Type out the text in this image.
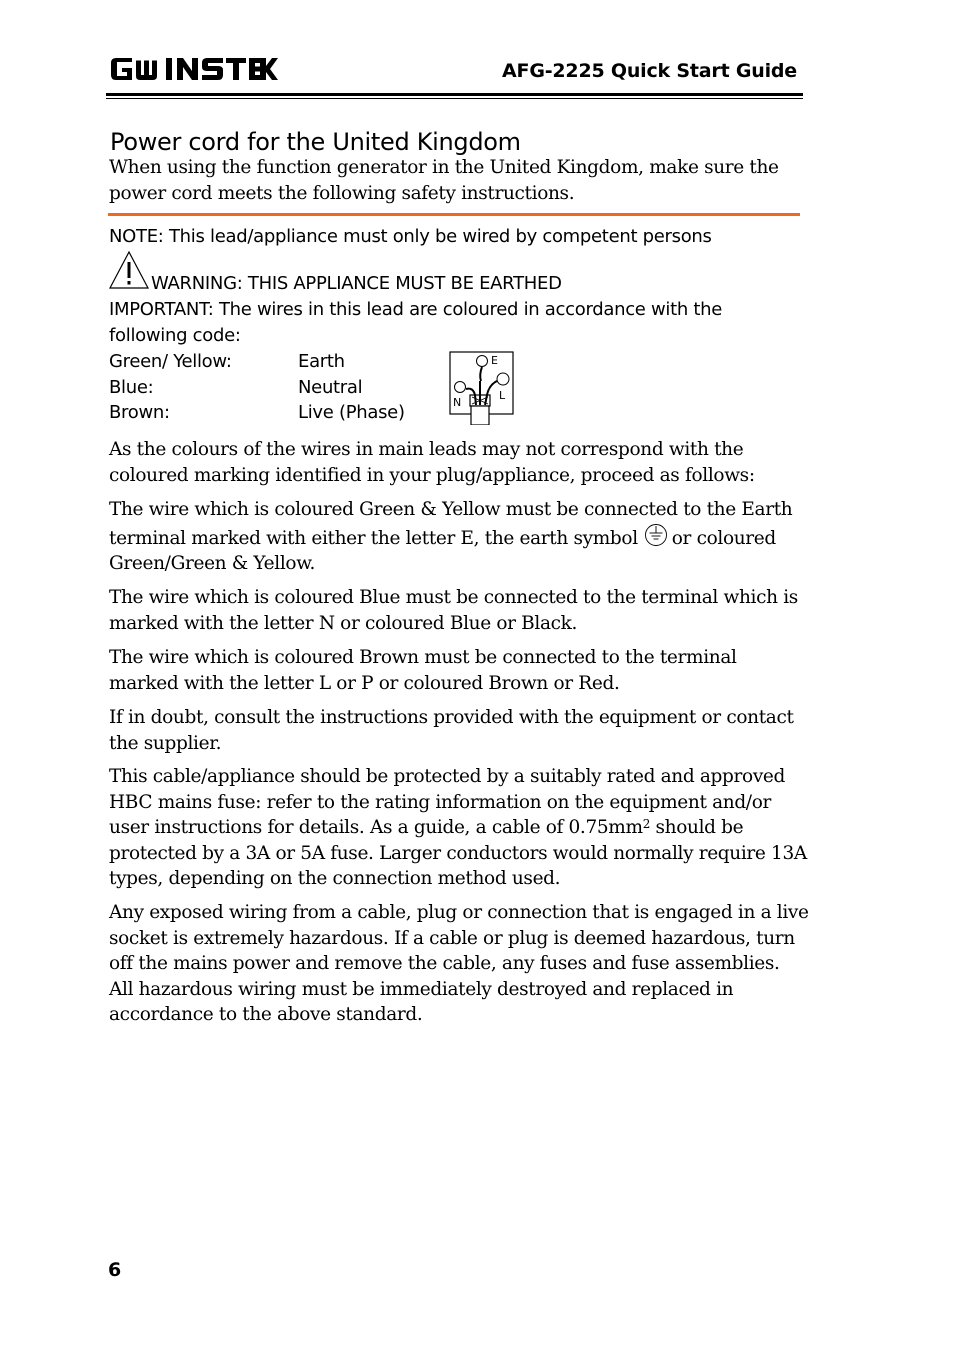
AFG-2225 Quick Start Guide
Power cord for the United Kingdom

When using the function generator in the United Kingdom, make sure the power cord meets the following safety instructions.

NOTE: This lead/appliance must only be wired by competent persons

WARNING: THIS APPLIANCE MUST BE EARTHED

IMPORTANT: The wires in this lead are coloured in accordance with the following code:

Green/ Yellow:	Earth
Blue:	Neutral
Brown:	Live (Phase)
E
N
L

As the colours of the wires in main leads may not correspond with the coloured marking identified in your plug/appliance, proceed as follows:

The wire which is coloured Green & Yellow must be connected to the Earth terminal marked with either the letter E, the earth symbol or coloured Green/Green & Yellow.

The wire which is coloured Blue must be connected to the terminal which is marked with the letter N or coloured Blue or Black.

The wire which is coloured Brown must be connected to the terminal marked with the letter L or P or coloured Brown or Red.

If in doubt, consult the instructions provided with the equipment or contact the supplier.

This cable/appliance should be protected by a suitably rated and approved HBC mains fuse: refer to the rating information on the equipment and/or user instructions for details. As a guide, a cable of $0.75mm^2$ should be protected by a 3A or 5A fuse. Larger conductors would normally require 13A types, depending on the connection method used.

Any exposed wiring from a cable, plug or connection that is engaged in a live socket is extremely hazardous. If a cable or plug is deemed hazardous, turn off the mains power and remove the cable, any fuses and fuse assemblies. All hazardous wiring must be immediately destroyed and replaced in accordance to the above standard.

6
